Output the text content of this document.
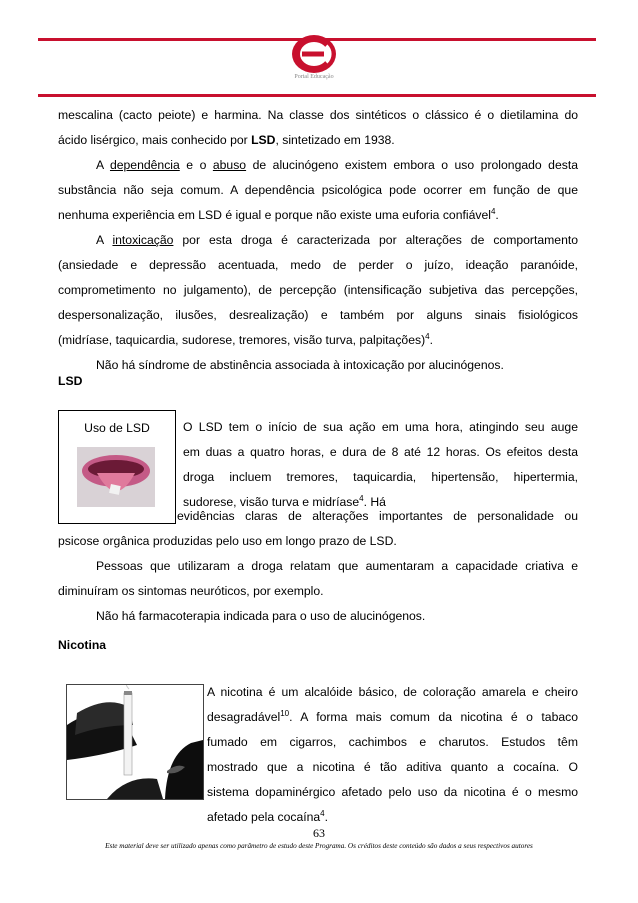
Portal Educação
mescalina (cacto peiote) e harmina. Na classe dos sintéticos o clássico é o dietilamina do
ácido lisérgico, mais conhecido por LSD, sintetizado em 1938.
A dependência e o abuso de alucinógeno existem embora o uso prolongado desta
substância não seja comum. A dependência psicológica pode ocorrer em função de que
nenhuma experiência em LSD é igual e porque não existe uma euforia confiável$^4$.
A intoxicação por esta droga é caracterizada por alterações de comportamento
(ansiedade e depressão acentuada, medo de perder o juízo, ideação paranóide,
comprometimento no julgamento), de percepção (intensificação subjetiva das percepções,
despersonalização, ilusões, desrealização) e também por alguns sinais fisiológicos
(midríase, taquicardia, sudorese, tremores, visão turva, palpitações)$^4$.
Não há síndrome de abstinência associada à intoxicação por alucinógenos.
LSD
Uso de LSD	O LSD tem o início de sua ação em uma hora, atingindo seu auge
em duas a quatro horas, e dura de 8 até 12 horas. Os efeitos desta
droga incluem tremores, taquicardia, hipertensão, hipertermia,
sudorese, visão turva e midríase$^4$. Há
evidências claras de alterações importantes de personalidade ou
psicose orgânica produzidas pelo uso em longo prazo de LSD.
Pessoas que utilizaram a droga relatam que aumentaram a capacidade criativa e
diminuíram os sintomas neuróticos, por exemplo.
Não há farmacoterapia indicada para o uso de alucinógenos.
Nicotina
A nicotina é um alcalóide básico, de coloração amarela e cheiro
desagradável$^{10}$. A forma mais comum da nicotina é o tabaco
fumado em cigarros, cachimbos e charutos. Estudos têm
mostrado que a nicotina é tão aditiva quanto a cocaína. O
sistema dopaminérgico afetado pelo uso da nicotina é o mesmo
afetado pela cocaína$^4$.
63
Este material deve ser utilizado apenas como parâmetro de estudo deste Programa. Os créditos deste conteúdo são dados a seus respectivos autores
